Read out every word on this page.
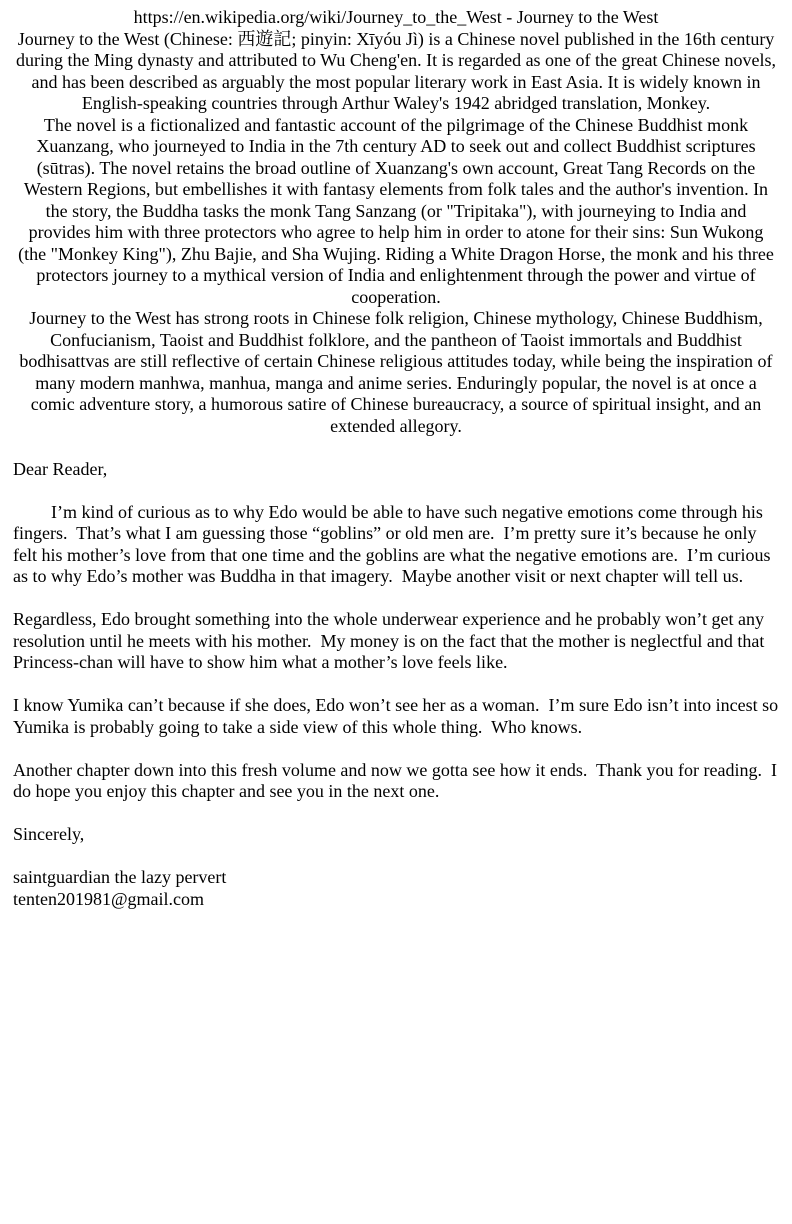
https://en.wikipedia.org/wiki/Journey_to_the_West - Journey to the West

Journey to the West (Chinese: 西遊記; pinyin: Xīyóu Jì) is a Chinese novel published in the 16th century during the Ming dynasty and attributed to Wu Cheng'en. It is regarded as one of the great Chinese novels, and has been described as arguably the most popular literary work in East Asia. It is widely known in English-speaking countries through Arthur Waley's 1942 abridged translation, Monkey.

The novel is a fictionalized and fantastic account of the pilgrimage of the Chinese Buddhist monk Xuanzang, who journeyed to India in the 7th century AD to seek out and collect Buddhist scriptures (sūtras). The novel retains the broad outline of Xuanzang's own account, Great Tang Records on the Western Regions, but embellishes it with fantasy elements from folk tales and the author's invention. In the story, the Buddha tasks the monk Tang Sanzang (or "Tripitaka"), with journeying to India and provides him with three protectors who agree to help him in order to atone for their sins: Sun Wukong (the "Monkey King"), Zhu Bajie, and Sha Wujing. Riding a White Dragon Horse, the monk and his three protectors journey to a mythical version of India and enlightenment through the power and virtue of cooperation.

Journey to the West has strong roots in Chinese folk religion, Chinese mythology, Chinese Buddhism, Confucianism, Taoist and Buddhist folklore, and the pantheon of Taoist immortals and Buddhist bodhisattvas are still reflective of certain Chinese religious attitudes today, while being the inspiration of many modern manhwa, manhua, manga and anime series. Enduringly popular, the novel is at once a comic adventure story, a humorous satire of Chinese bureaucracy, a source of spiritual insight, and an extended allegory.

Dear Reader,

I’m kind of curious as to why Edo would be able to have such negative emotions come through his fingers.  That’s what I am guessing those “goblins” or old men are.  I’m pretty sure it’s because he only felt his mother’s love from that one time and the goblins are what the negative emotions are.  I’m curious as to why Edo’s mother was Buddha in that imagery.  Maybe another visit or next chapter will tell us.

Regardless, Edo brought something into the whole underwear experience and he probably won’t get any resolution until he meets with his mother.  My money is on the fact that the mother is neglectful and that Princess-chan will have to show him what a mother’s love feels like.

I know Yumika can’t because if she does, Edo won’t see her as a woman.  I’m sure Edo isn’t into incest so Yumika is probably going to take a side view of this whole thing.  Who knows.

Another chapter down into this fresh volume and now we gotta see how it ends.  Thank you for reading.  I do hope you enjoy this chapter and see you in the next one.

Sincerely,

saintguardian the lazy pervert

tenten201981@gmail.com
